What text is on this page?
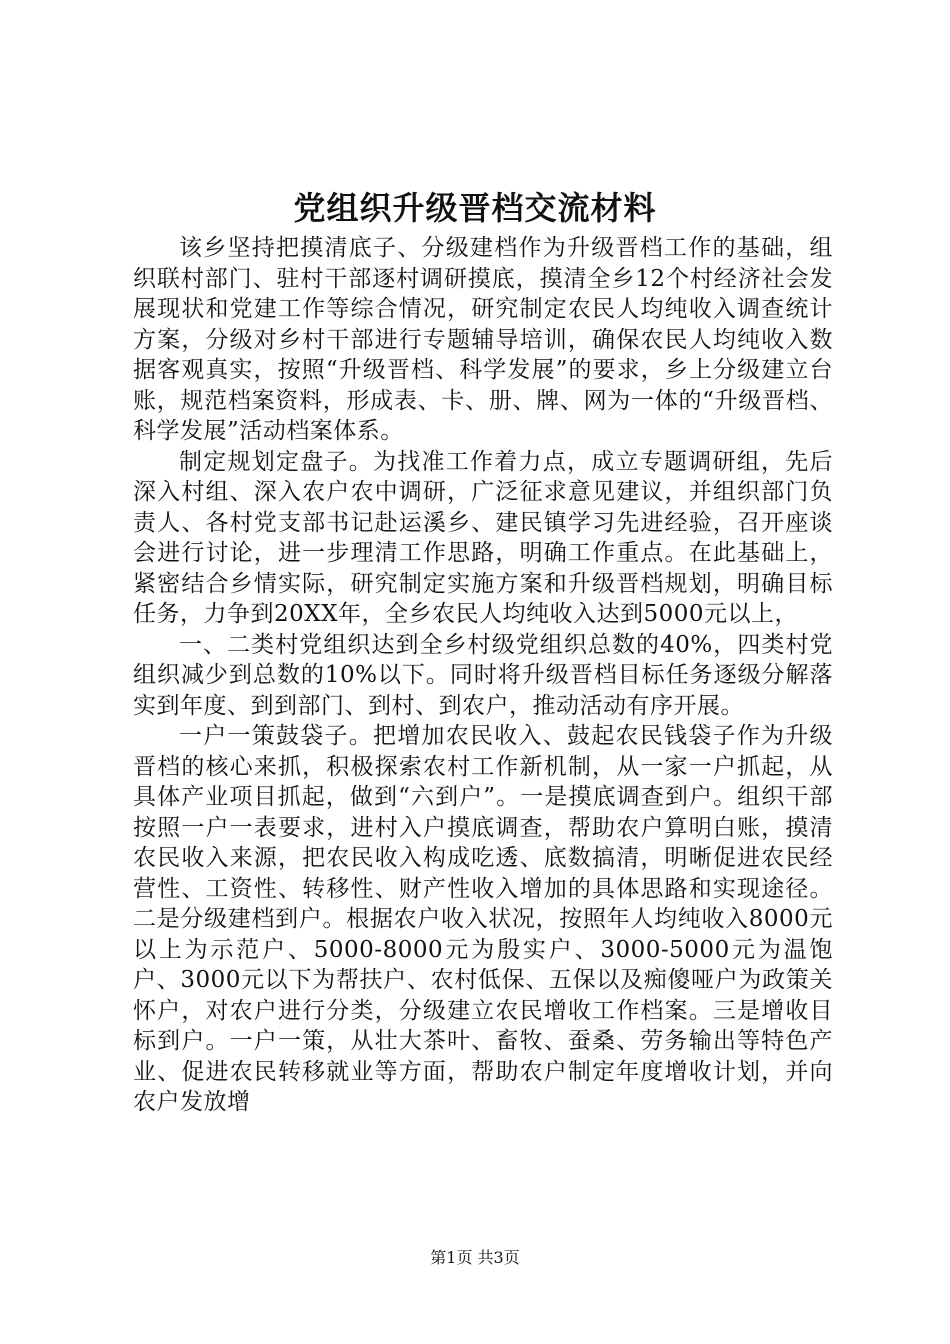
党组织升级晋档交流材料

该乡坚持把摸清底子、分级建档作为升级晋档工作的基础，组织联村部门、驻村干部逐村调研摸底，摸清全乡12个村经济社会发展现状和党建工作等综合情况，研究制定农民人均纯收入调查统计方案，分级对乡村干部进行专题辅导培训，确保农民人均纯收入数据客观真实，按照“升级晋档、科学发展”的要求，乡上分级建立台账，规范档案资料，形成表、卡、册、牌、网为一体的“升级晋档、科学发展”活动档案体系。

制定规划定盘子。为找准工作着力点，成立专题调研组，先后深入村组、深入农户农中调研，广泛征求意见建议，并组织部门负责人、各村党支部书记赴运溪乡、建民镇学习先进经验，召开座谈会进行讨论，进一步理清工作思路，明确工作重点。在此基础上，紧密结合乡情实际，研究制定实施方案和升级晋档规划，明确目标任务，力争到20XX年，全乡农民人均纯收入达到5000元以上，

一、二类村党组织达到全乡村级党组织总数的40%，四类村党组织减少到总数的10%以下。同时将升级晋档目标任务逐级分解落实到年度、到到部门、到村、到农户，推动活动有序开展。

一户一策鼓袋子。把增加农民收入、鼓起农民钱袋子作为升级晋档的核心来抓，积极探索农村工作新机制，从一家一户抓起，从具体产业项目抓起，做到“六到户”。一是摸底调查到户。组织干部按照一户一表要求，进村入户摸底调查，帮助农户算明白账，摸清农民收入来源，把农民收入构成吃透、底数搞清，明晰促进农民经营性、工资性、转移性、财产性收入增加的具体思路和实现途径。二是分级建档到户。根据农户收入状况，按照年人均纯收入8000元以上为示范户、5000-8000元为殷实户、3000-5000元为温饱户、3000元以下为帮扶户、农村低保、五保以及痴傻哑户为政策关怀户，对农户进行分类，分级建立农民增收工作档案。三是增收目标到户。一户一策，从壮大茶叶、畜牧、蚕桑、劳务输出等特色产业、促进农民转移就业等方面，帮助农户制定年度增收计划，并向农户发放增

第1页 共3页
